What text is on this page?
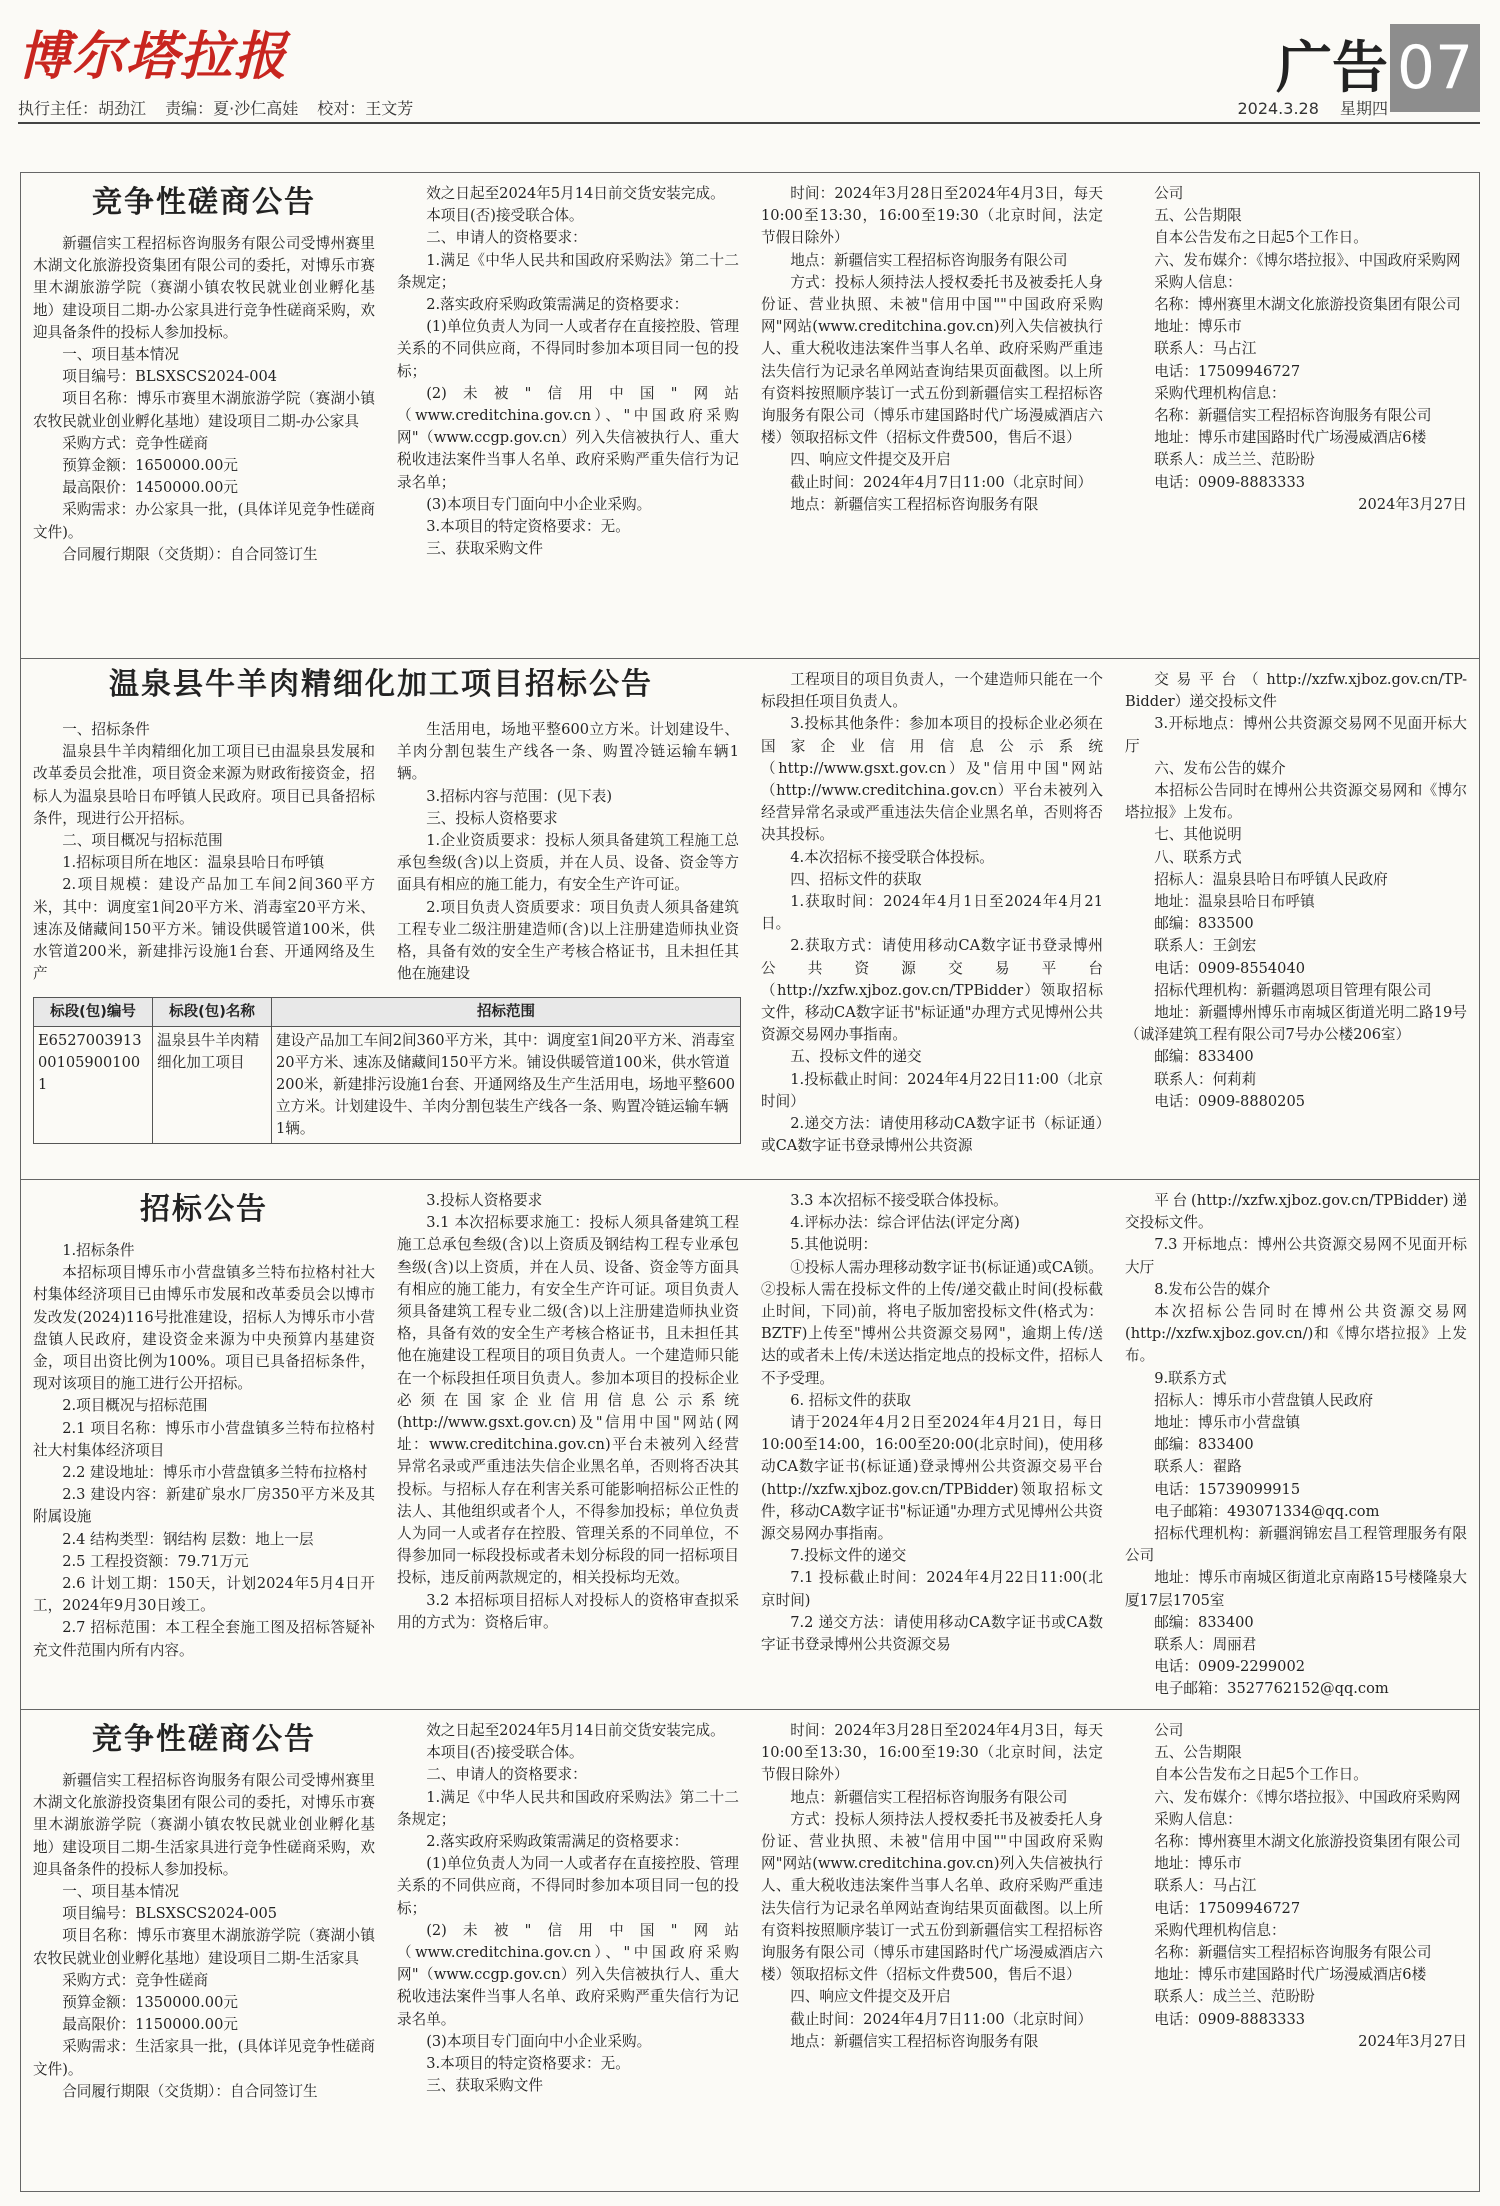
博尔塔拉报
执行主任：胡劲江 责编：夏·沙仁高娃 校对：王文芳
广告 07
2024.3.28 星期四
竞争性磋商公告

新疆信实工程招标咨询服务有限公司受博州赛里木湖文化旅游投资集团有限公司的委托，对博乐市赛里木湖旅游学院（赛湖小镇农牧民就业创业孵化基地）建设项目二期-办公家具进行竞争性磋商采购，欢迎具备条件的投标人参加投标。

一、项目基本情况

项目编号：BLSXSCS2024-004

项目名称：博乐市赛里木湖旅游学院（赛湖小镇农牧民就业创业孵化基地）建设项目二期-办公家具

采购方式：竞争性磋商

预算金额：1650000.00元

最高限价：1450000.00元

采购需求：办公家具一批，(具体详见竞争性磋商文件)。

合同履行期限（交货期）：自合同签订生

效之日起至2024年5月14日前交货安装完成。

本项目(否)接受联合体。

二、申请人的资格要求：

1.满足《中华人民共和国政府采购法》第二十二条规定；

2.落实政府采购政策需满足的资格要求：

(1)单位负责人为同一人或者存在直接控股、管理关系的不同供应商，不得同时参加本项目同一包的投标；

(2)未被"信用中国"网站（www.creditchina.gov.cn）、"中国政府采购网"（www.ccgp.gov.cn）列入失信被执行人、重大税收违法案件当事人名单、政府采购严重失信行为记录名单；

(3)本项目专门面向中小企业采购。

3.本项目的特定资格要求：无。

三、获取采购文件

时间：2024年3月28日至2024年4月3日，每天10:00至13:30，16:00至19:30（北京时间，法定节假日除外）

地点：新疆信实工程招标咨询服务有限公司

方式：投标人须持法人授权委托书及被委托人身份证、营业执照、未被"信用中国""中国政府采购网"网站(www.creditchina.gov.cn)列入失信被执行人、重大税收违法案件当事人名单、政府采购严重违法失信行为记录名单网站查询结果页面截图。以上所有资料按照顺序装订一式五份到新疆信实工程招标咨询服务有限公司（博乐市建国路时代广场漫威酒店六楼）领取招标文件（招标文件费500，售后不退）

四、响应文件提交及开启

截止时间：2024年4月7日11:00（北京时间）

地点：新疆信实工程招标咨询服务有限

公司

五、公告期限

自本公告发布之日起5个工作日。

六、发布媒介：《博尔塔拉报》、中国政府采购网

采购人信息：

名称：博州赛里木湖文化旅游投资集团有限公司

地址：博乐市

联系人：马占江

电话：17509946727

采购代理机构信息：

名称：新疆信实工程招标咨询服务有限公司

地址：博乐市建国路时代广场漫威酒店6楼

联系人：成兰兰、范盼盼

电话：0909-8883333

2024年3月27日

温泉县牛羊肉精细化加工项目招标公告

一、招标条件

温泉县牛羊肉精细化加工项目已由温泉县发展和改革委员会批准，项目资金来源为财政衔接资金，招标人为温泉县哈日布呼镇人民政府。项目已具备招标条件，现进行公开招标。

二、项目概况与招标范围

1.招标项目所在地区：温泉县哈日布呼镇

2.项目规模：建设产品加工车间2间360平方米，其中：调度室1间20平方米、消毒室20平方米、速冻及储藏间150平方米。铺设供暖管道100米，供水管道200米，新建排污设施1台套、开通网络及生产

生活用电，场地平整600立方米。计划建设牛、羊肉分割包装生产线各一条、购置冷链运输车辆1辆。

3.招标内容与范围：(见下表)

三、投标人资格要求

1.企业资质要求：投标人须具备建筑工程施工总承包叁级(含)以上资质，并在人员、设备、资金等方面具有相应的施工能力，有安全生产许可证。

2.项目负责人资质要求：项目负责人须具备建筑工程专业二级注册建造师(含)以上注册建造师执业资格，具备有效的安全生产考核合格证书，且未担任其他在施建设

工程项目的项目负责人，一个建造师只能在一个标段担任项目负责人。

3.投标其他条件：参加本项目的投标企业必须在国家企业信用信息公示系统（http://www.gsxt.gov.cn）及"信用中国"网站（http://www.creditchina.gov.cn）平台未被列入经营异常名录或严重违法失信企业黑名单，否则将否决其投标。

4.本次招标不接受联合体投标。

四、招标文件的获取

1.获取时间：2024年4月1日至2024年4月21日。

2.获取方式：请使用移动CA数字证书登录博州公共资源交易平台（http://xzfw.xjboz.gov.cn/TPBidder）领取招标文件，移动CA数字证书"标证通"办理方式见博州公共资源交易网办事指南。

五、投标文件的递交

1.投标截止时间：2024年4月22日11:00（北京时间）

2.递交方法：请使用移动CA数字证书（标证通）或CA数字证书登录博州公共资源

交易平台（http://xzfw.xjboz.gov.cn/TP-Bidder）递交投标文件

3.开标地点：博州公共资源交易网不见面开标大厅

六、发布公告的媒介

本招标公告同时在博州公共资源交易网和《博尔塔拉报》上发布。

七、其他说明

八、联系方式

招标人：温泉县哈日布呼镇人民政府

地址：温泉县哈日布呼镇

邮编：833500

联系人：王剑宏

电话：0909-8554040

招标代理机构：新疆鸿恩项目管理有限公司

地址：新疆博州博乐市南城区街道光明二路19号（诚泽建筑工程有限公司7号办公楼206室）

邮编：833400

联系人：何莉莉

电话：0909-8880205

标段(包)编号	标段(包)名称	招标范围
E6527003913001059001001	温泉县牛羊肉精细化加工项目	建设产品加工车间2间360平方米，其中：调度室1间20平方米、消毒室20平方米、速冻及储藏间150平方米。铺设供暖管道100米，供水管道200米，新建排污设施1台套、开通网络及生产生活用电，场地平整600立方米。计划建设牛、羊肉分割包装生产线各一条、购置冷链运输车辆1辆。
招标公告

1.招标条件

本招标项目博乐市小营盘镇多兰特布拉格村社大村集体经济项目已由博乐市发展和改革委员会以博市发改发(2024)116号批准建设，招标人为博乐市小营盘镇人民政府，建设资金来源为中央预算内基建资金，项目出资比例为100%。项目已具备招标条件，现对该项目的施工进行公开招标。

2.项目概况与招标范围

2.1 项目名称：博乐市小营盘镇多兰特布拉格村社大村集体经济项目

2.2 建设地址：博乐市小营盘镇多兰特布拉格村

2.3 建设内容：新建矿泉水厂房350平方米及其附属设施

2.4 结构类型：钢结构 层数：地上一层

2.5 工程投资额：79.71万元

2.6 计划工期：150天，计划2024年5月4日开工，2024年9月30日竣工。

2.7 招标范围：本工程全套施工图及招标答疑补充文件范围内所有内容。

3.投标人资格要求

3.1 本次招标要求施工：投标人须具备建筑工程施工总承包叁级(含)以上资质及钢结构工程专业承包叁级(含)以上资质，并在人员、设备、资金等方面具有相应的施工能力，有安全生产许可证。项目负责人须具备建筑工程专业二级(含)以上注册建造师执业资格，具备有效的安全生产考核合格证书，且未担任其他在施建设工程项目的项目负责人。一个建造师只能在一个标段担任项目负责人。参加本项目的投标企业必须在国家企业信用信息公示系统(http://www.gsxt.gov.cn)及"信用中国"网站(网址：www.creditchina.gov.cn)平台未被列入经营异常名录或严重违法失信企业黑名单，否则将否决其投标。与招标人存在利害关系可能影响招标公正性的法人、其他组织或者个人，不得参加投标；单位负责人为同一人或者存在控股、管理关系的不同单位，不得参加同一标段投标或者未划分标段的同一招标项目投标，违反前两款规定的，相关投标均无效。

3.2 本招标项目招标人对投标人的资格审查拟采用的方式为：资格后审。

3.3 本次招标不接受联合体投标。

4.评标办法：综合评估法(评定分离)

5.其他说明：

①投标人需办理移动数字证书(标证通)或CA锁。②投标人需在投标文件的上传/递交截止时间(投标截止时间，下同)前，将电子版加密投标文件(格式为：BZTF)上传至"博州公共资源交易网"，逾期上传/送达的或者未上传/未送达指定地点的投标文件，招标人不予受理。

6. 招标文件的获取

请于2024年4月2日至2024年4月21日，每日10:00至14:00，16:00至20:00(北京时间)，使用移动CA数字证书(标证通)登录博州公共资源交易平台(http://xzfw.xjboz.gov.cn/TPBidder)领取招标文件，移动CA数字证书"标证通"办理方式见博州公共资源交易网办事指南。

7.投标文件的递交

7.1 投标截止时间：2024年4月22日11:00(北京时间)

7.2 递交方法：请使用移动CA数字证书或CA数字证书登录博州公共资源交易

平台(http://xzfw.xjboz.gov.cn/TPBidder)递交投标文件。

7.3 开标地点：博州公共资源交易网不见面开标大厅

8.发布公告的媒介

本次招标公告同时在博州公共资源交易网(http://xzfw.xjboz.gov.cn/)和《博尔塔拉报》上发布。

9.联系方式

招标人：博乐市小营盘镇人民政府

地址：博乐市小营盘镇

邮编：833400

联系人：翟路

电话：15739099915

电子邮箱：493071334@qq.com

招标代理机构：新疆润锦宏昌工程管理服务有限公司

地址：博乐市南城区街道北京南路15号楼隆泉大厦17层1705室

邮编：833400

联系人：周丽君

电话：0909-2299002

电子邮箱：3527762152@qq.com

竞争性磋商公告

新疆信实工程招标咨询服务有限公司受博州赛里木湖文化旅游投资集团有限公司的委托，对博乐市赛里木湖旅游学院（赛湖小镇农牧民就业创业孵化基地）建设项目二期-生活家具进行竞争性磋商采购，欢迎具备条件的投标人参加投标。

一、项目基本情况

项目编号：BLSXSCS2024-005

项目名称：博乐市赛里木湖旅游学院（赛湖小镇农牧民就业创业孵化基地）建设项目二期-生活家具

采购方式：竞争性磋商

预算金额：1350000.00元

最高限价：1150000.00元

采购需求：生活家具一批，(具体详见竞争性磋商文件)。

合同履行期限（交货期）：自合同签订生

效之日起至2024年5月14日前交货安装完成。

本项目(否)接受联合体。

二、申请人的资格要求：

1.满足《中华人民共和国政府采购法》第二十二条规定；

2.落实政府采购政策需满足的资格要求：

(1)单位负责人为同一人或者存在直接控股、管理关系的不同供应商，不得同时参加本项目同一包的投标；

(2)未被"信用中国"网站（www.creditchina.gov.cn）、"中国政府采购网"（www.ccgp.gov.cn）列入失信被执行人、重大税收违法案件当事人名单、政府采购严重失信行为记录名单。

(3)本项目专门面向中小企业采购。

3.本项目的特定资格要求：无。

三、获取采购文件

时间：2024年3月28日至2024年4月3日，每天10:00至13:30，16:00至19:30（北京时间，法定节假日除外）

地点：新疆信实工程招标咨询服务有限公司

方式：投标人须持法人授权委托书及被委托人身份证、营业执照、未被"信用中国""中国政府采购网"网站(www.creditchina.gov.cn)列入失信被执行人、重大税收违法案件当事人名单、政府采购严重违法失信行为记录名单网站查询结果页面截图。以上所有资料按照顺序装订一式五份到新疆信实工程招标咨询服务有限公司（博乐市建国路时代广场漫威酒店六楼）领取招标文件（招标文件费500，售后不退）

四、响应文件提交及开启

截止时间：2024年4月7日11:00（北京时间）

地点：新疆信实工程招标咨询服务有限

公司

五、公告期限

自本公告发布之日起5个工作日。

六、发布媒介：《博尔塔拉报》、中国政府采购网

采购人信息：

名称：博州赛里木湖文化旅游投资集团有限公司

地址：博乐市

联系人：马占江

电话：17509946727

采购代理机构信息：

名称：新疆信实工程招标咨询服务有限公司

地址：博乐市建国路时代广场漫威酒店6楼

联系人：成兰兰、范盼盼

电话：0909-8883333

2024年3月27日
